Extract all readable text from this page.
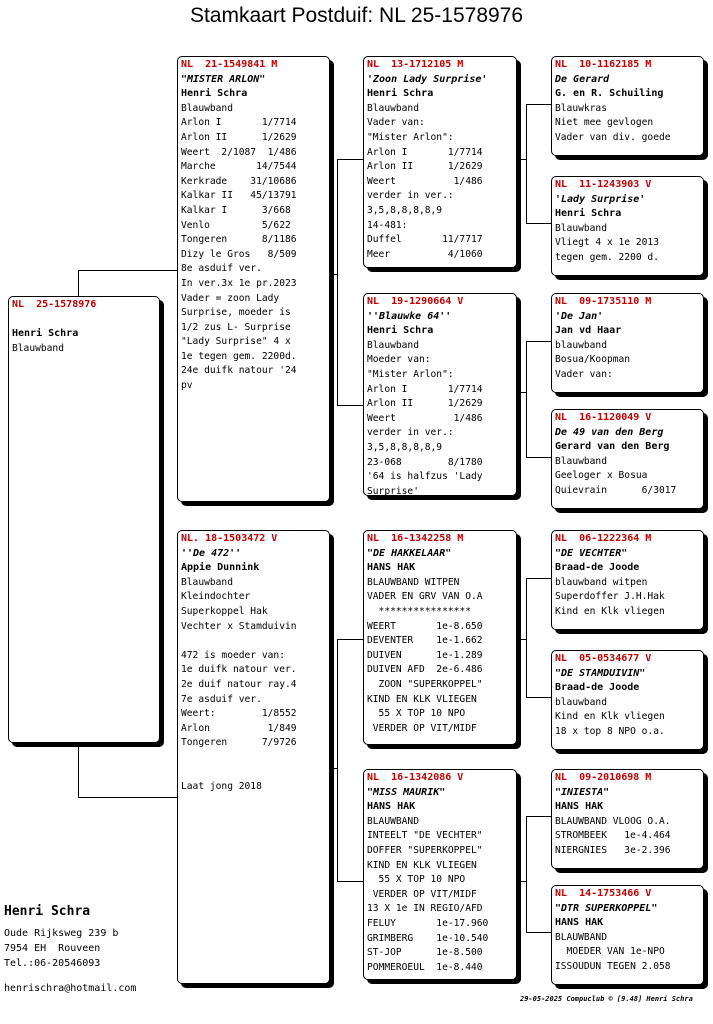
Stamkaart Postduif: NL 25-1578976
NL  25-1578976
Henri Schra
Blauwband
NL  21-1549841 M
"MISTER ARLON"
Henri Schra
Blauwband
Arlon I       1/7714
Arlon II      1/2629
Weert  2/1087  1/486
Marche       14/7544
Kerkrade    31/10686
Kalkar II   45/13791
Kalkar I      3/668
Venlo         5/622
Tongeren      8/1186
Dizy le Gros   8/509
8e asduif ver.
In ver.3x 1e pr.2023
Vader = zoon Lady
Surprise, moeder is
1/2 zus L- Surprise
"Lady Surprise" 4 x
1e tegen gem. 2200d.
24e duifk natour '24
pv
NL. 18-1503472 V
''De 472''
Appie Dunnink
Blauwband
Kleindochter
Superkoppel Hak
Vechter x Stamduivin
472 is moeder van:
1e duifk natour ver.
2e duif natour ray.4
7e asduif ver.
Weert:        1/8552
Arlon          1/849
Tongeren      7/9726
Laat jong 2018
NL  13-1712105 M
'Zoon Lady Surprise'
Henri Schra
Blauwband
Vader van:
"Mister Arlon":
Arlon I       1/7714
Arlon II      1/2629
Weert          1/486
verder in ver.:
3,5,8,8,8,8,9
14-481:
Duffel       11/7717
Meer          4/1060
NL  19-1290664 V
''Blauwke 64''
Henri Schra
Blauwband
Moeder van:
"Mister Arlon":
Arlon I       1/7714
Arlon II      1/2629
Weert          1/486
verder in ver.:
3,5,8,8,8,8,9
23-068        8/1780
'64 is halfzus 'Lady
Surprise'
NL  16-1342258 M
"DE HAKKELAAR"
HANS HAK
BLAUWBAND WITPEN
VADER EN GRV VAN O.A
****************
WEERT       1e-8.650
DEVENTER    1e-1.662
DUIVEN      1e-1.289
DUIVEN AFD  2e-6.486
ZOON "SUPERKOPPEL"
KIND EN KLK VLIEGEN
55 X TOP 10 NPO
VERDER OP VIT/MIDF
NL  16-1342086 V
"MISS MAURIK"
HANS HAK
BLAUWBAND
INTEELT "DE VECHTER"
DOFFER "SUPERKOPPEL"
KIND EN KLK VLIEGEN
55 X TOP 10 NPO
VERDER OP VIT/MIDF
13 X 1e IN REGIO/AFD
FELUY       1e-17.960
GRIMBERG    1e-10.540
ST-JOP      1e-8.500
POMMEROEUL  1e-8.440
NL  10-1162185 M
De Gerard
G. en R. Schuiling
Blauwkras
Niet mee gevlogen
Vader van div. goede
NL  11-1243903 V
'Lady Surprise'
Henri Schra
Blauwband
Vliegt 4 x 1e 2013
tegen gem. 2200 d.
NL  09-1735110 M
'De Jan'
Jan vd Haar
blauwband
Bosua/Koopman
Vader van:
NL  16-1120049 V
De 49 van den Berg
Gerard van den Berg
Blauwband
Geeloger x Bosua
Quievrain      6/3017
NL  06-1222364 M
"DE VECHTER"
Braad-de Joode
blauwband witpen
Superdoffer J.H.Hak
Kind en Klk vliegen
NL  05-0534677 V
"DE STAMDUIVIN"
Braad-de Joode
blauwband
Kind en Klk vliegen
18 x top 8 NPO o.a.
NL  09-2010698 M
"INIESTA"
HANS HAK
BLAUWBAND VLOOG O.A.
STROMBEEK   1e-4.464
NIERGNIES   3e-2.396
NL  14-1753466 V
"DTR SUPERKOPPEL"
HANS HAK
BLAUWBAND
MOEDER VAN 1e-NPO
ISSOUDUN TEGEN 2.058
Henri Schra
Oude Rijksweg 239 b
7954 EH  Rouveen
Tel.:06-20546093
henrischra@hotmail.com
29-05-2025 Compuclub © [9.48] Henri Schra
